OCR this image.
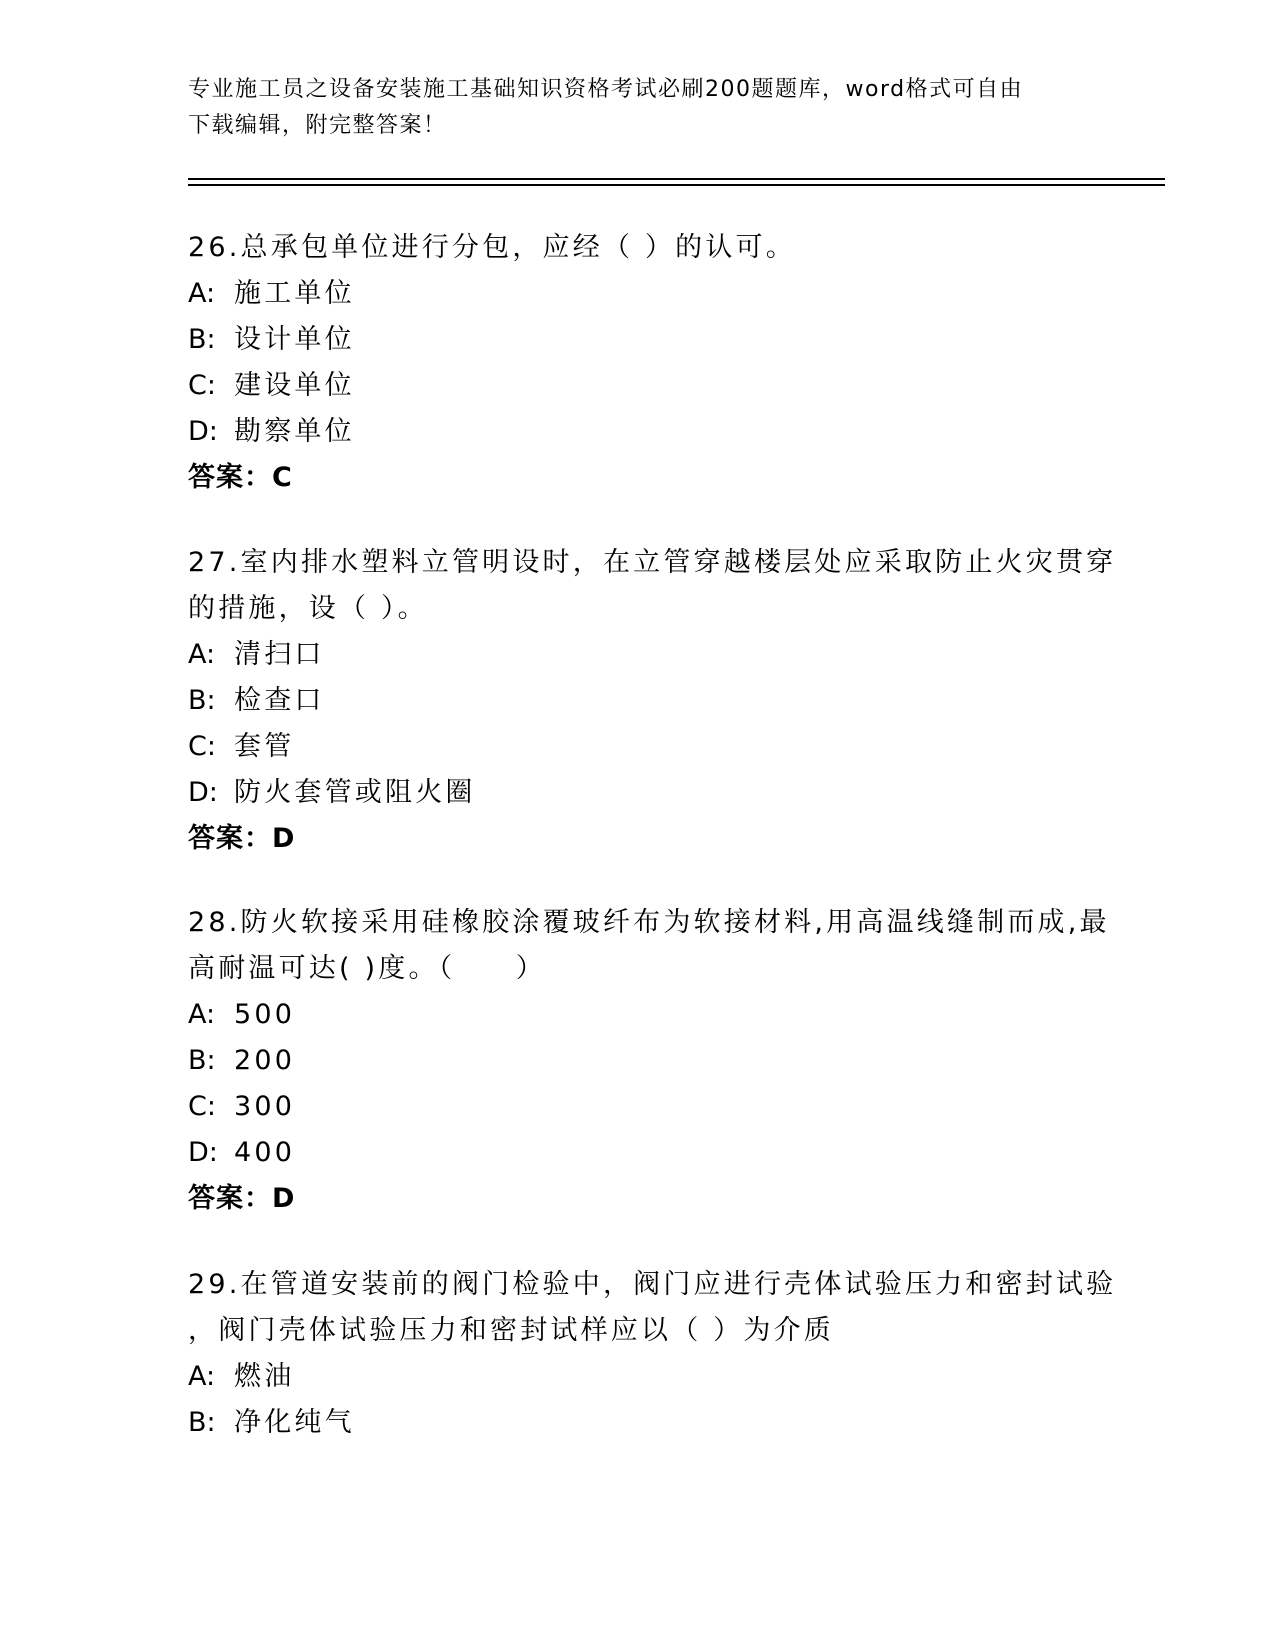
专业施工员之设备安装施工基础知识资格考试必刷200题题库，word格式可自由
下载编辑，附完整答案！
26.总承包单位进行分包，应经（ ）的认可。
A: 施工单位
B: 设计单位
C: 建设单位
D: 勘察单位
答案：C
27.室内排水塑料立管明设时，在立管穿越楼层处应采取防止火灾贯穿
的措施，设（ ）。
A: 清扫口
B: 检查口
C: 套管
D: 防火套管或阻火圈
答案：D
28.防火软接采用硅橡胶涂覆玻纤布为软接材料,用高温线缝制而成,最
高耐温可达( )度。（　　）
A: 500
B: 200
C: 300
D: 400
答案：D
29.在管道安装前的阀门检验中，阀门应进行壳体试验压力和密封试验
，阀门壳体试验压力和密封试样应以（ ）为介质
A: 燃油
B: 净化纯气
